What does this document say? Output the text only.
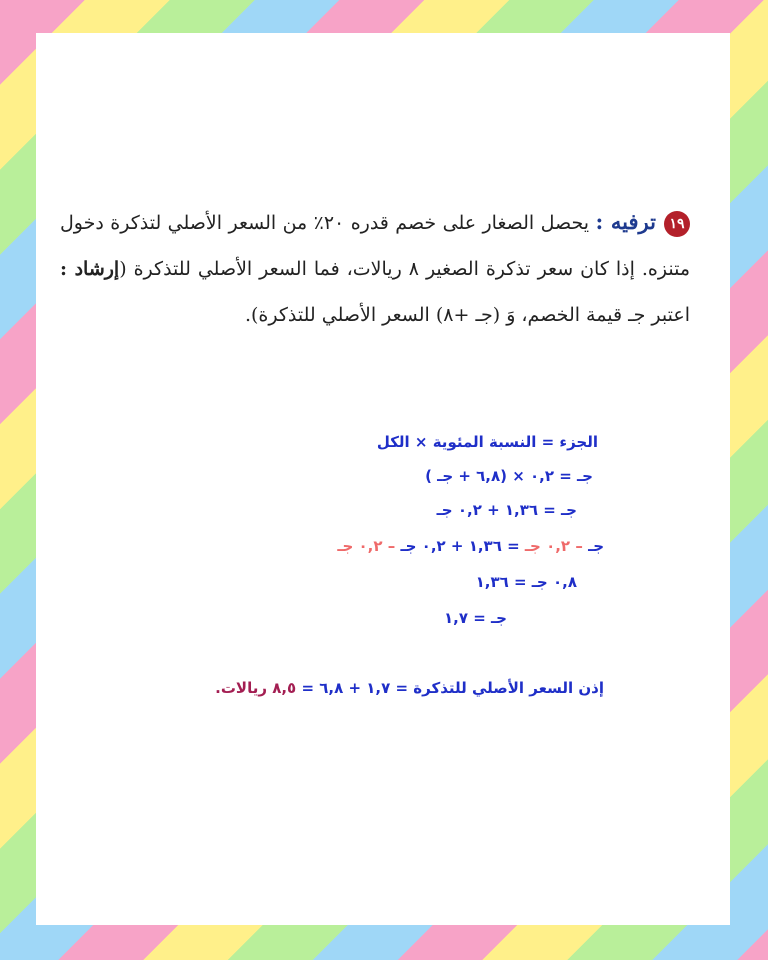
١٩ترفيه : يحصل الصغار على خصم قدره ٢٠٪ من السعر الأصلي لتذكرة دخول متنزه. إذا كان سعر تذكرة الصغير ٨ ريالات، فما السعر الأصلي للتذكرة (إرشاد : اعتبر جـ قيمة الخصم، وَ (جـ +٨) السعر الأصلي للتذكرة).
الجزء = النسبة المئوية × الكل
جـ = ٠,٢ × (٦,٨ + جـ )
جـ = ١,٣٦ + ٠,٢ جـ
جـ – ٠,٢ جـ = ١,٣٦ + ٠,٢ جـ – ٠,٢ جـ
٠,٨ جـ = ١,٣٦
جـ = ١,٧
إذن السعر الأصلي للتذكرة = ١,٧ + ٦,٨ = ٨,٥ ريالات.
